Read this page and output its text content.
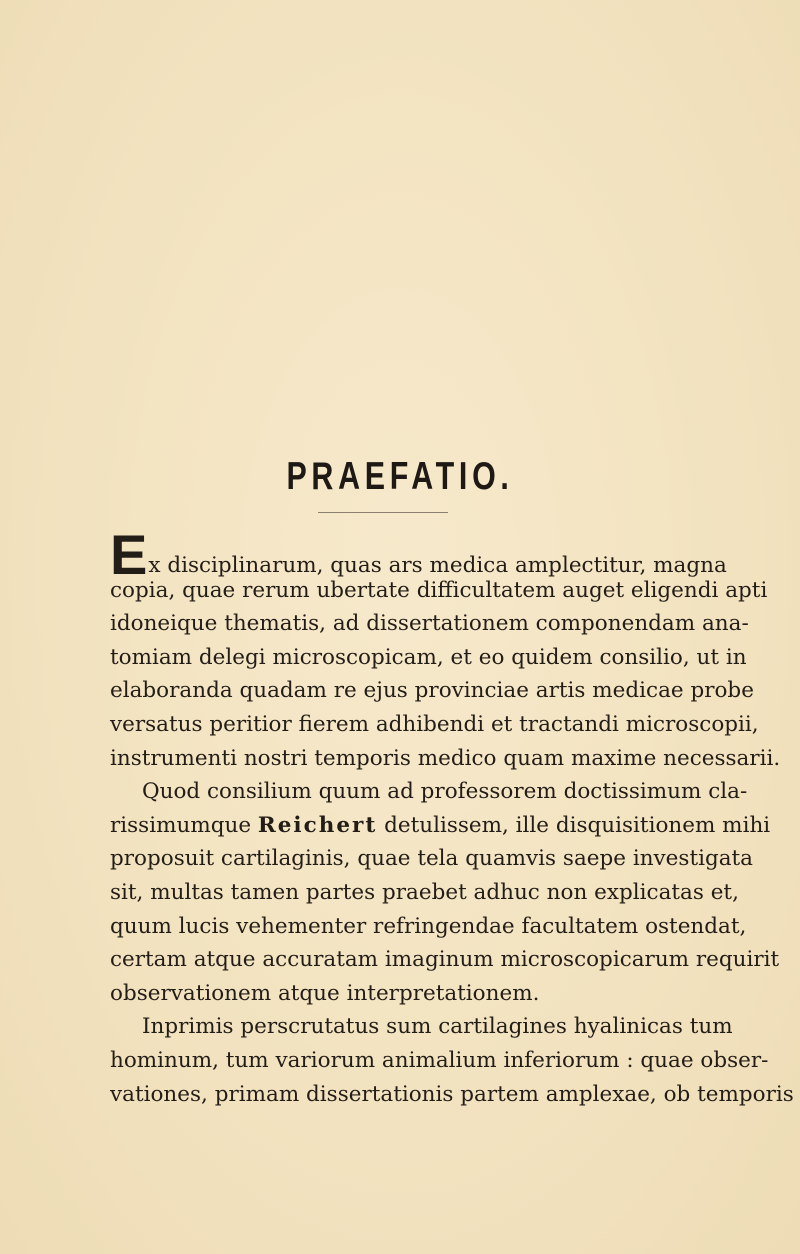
PRAEFATIO.
Ex disciplinarum, quas ars medica amplectitur, magna
copia, quae rerum ubertate difficultatem auget eligendi apti
idoneique thematis, ad dissertationem componendam ana-
tomiam delegi microscopicam, et eo quidem consilio, ut in
elaboranda quadam re ejus provinciae artis medicae probe
versatus peritior fierem adhibendi et tractandi microscopii,
instrumenti nostri temporis medico quam maxime necessarii.
Quod consilium quum ad professorem doctissimum cla-
rissimumque Reichert detulissem, ille disquisitionem mihi
proposuit cartilaginis, quae tela quamvis saepe investigata
sit, multas tamen partes praebet adhuc non explicatas et,
quum lucis vehementer refringendae facultatem ostendat,
certam atque accuratam imaginum microscopicarum requirit
observationem atque interpretationem.
Inprimis perscrutatus sum cartilagines hyalinicas tum
hominum, tum variorum animalium inferiorum : quae obser-
vationes, primam dissertationis partem amplexae, ob temporis
